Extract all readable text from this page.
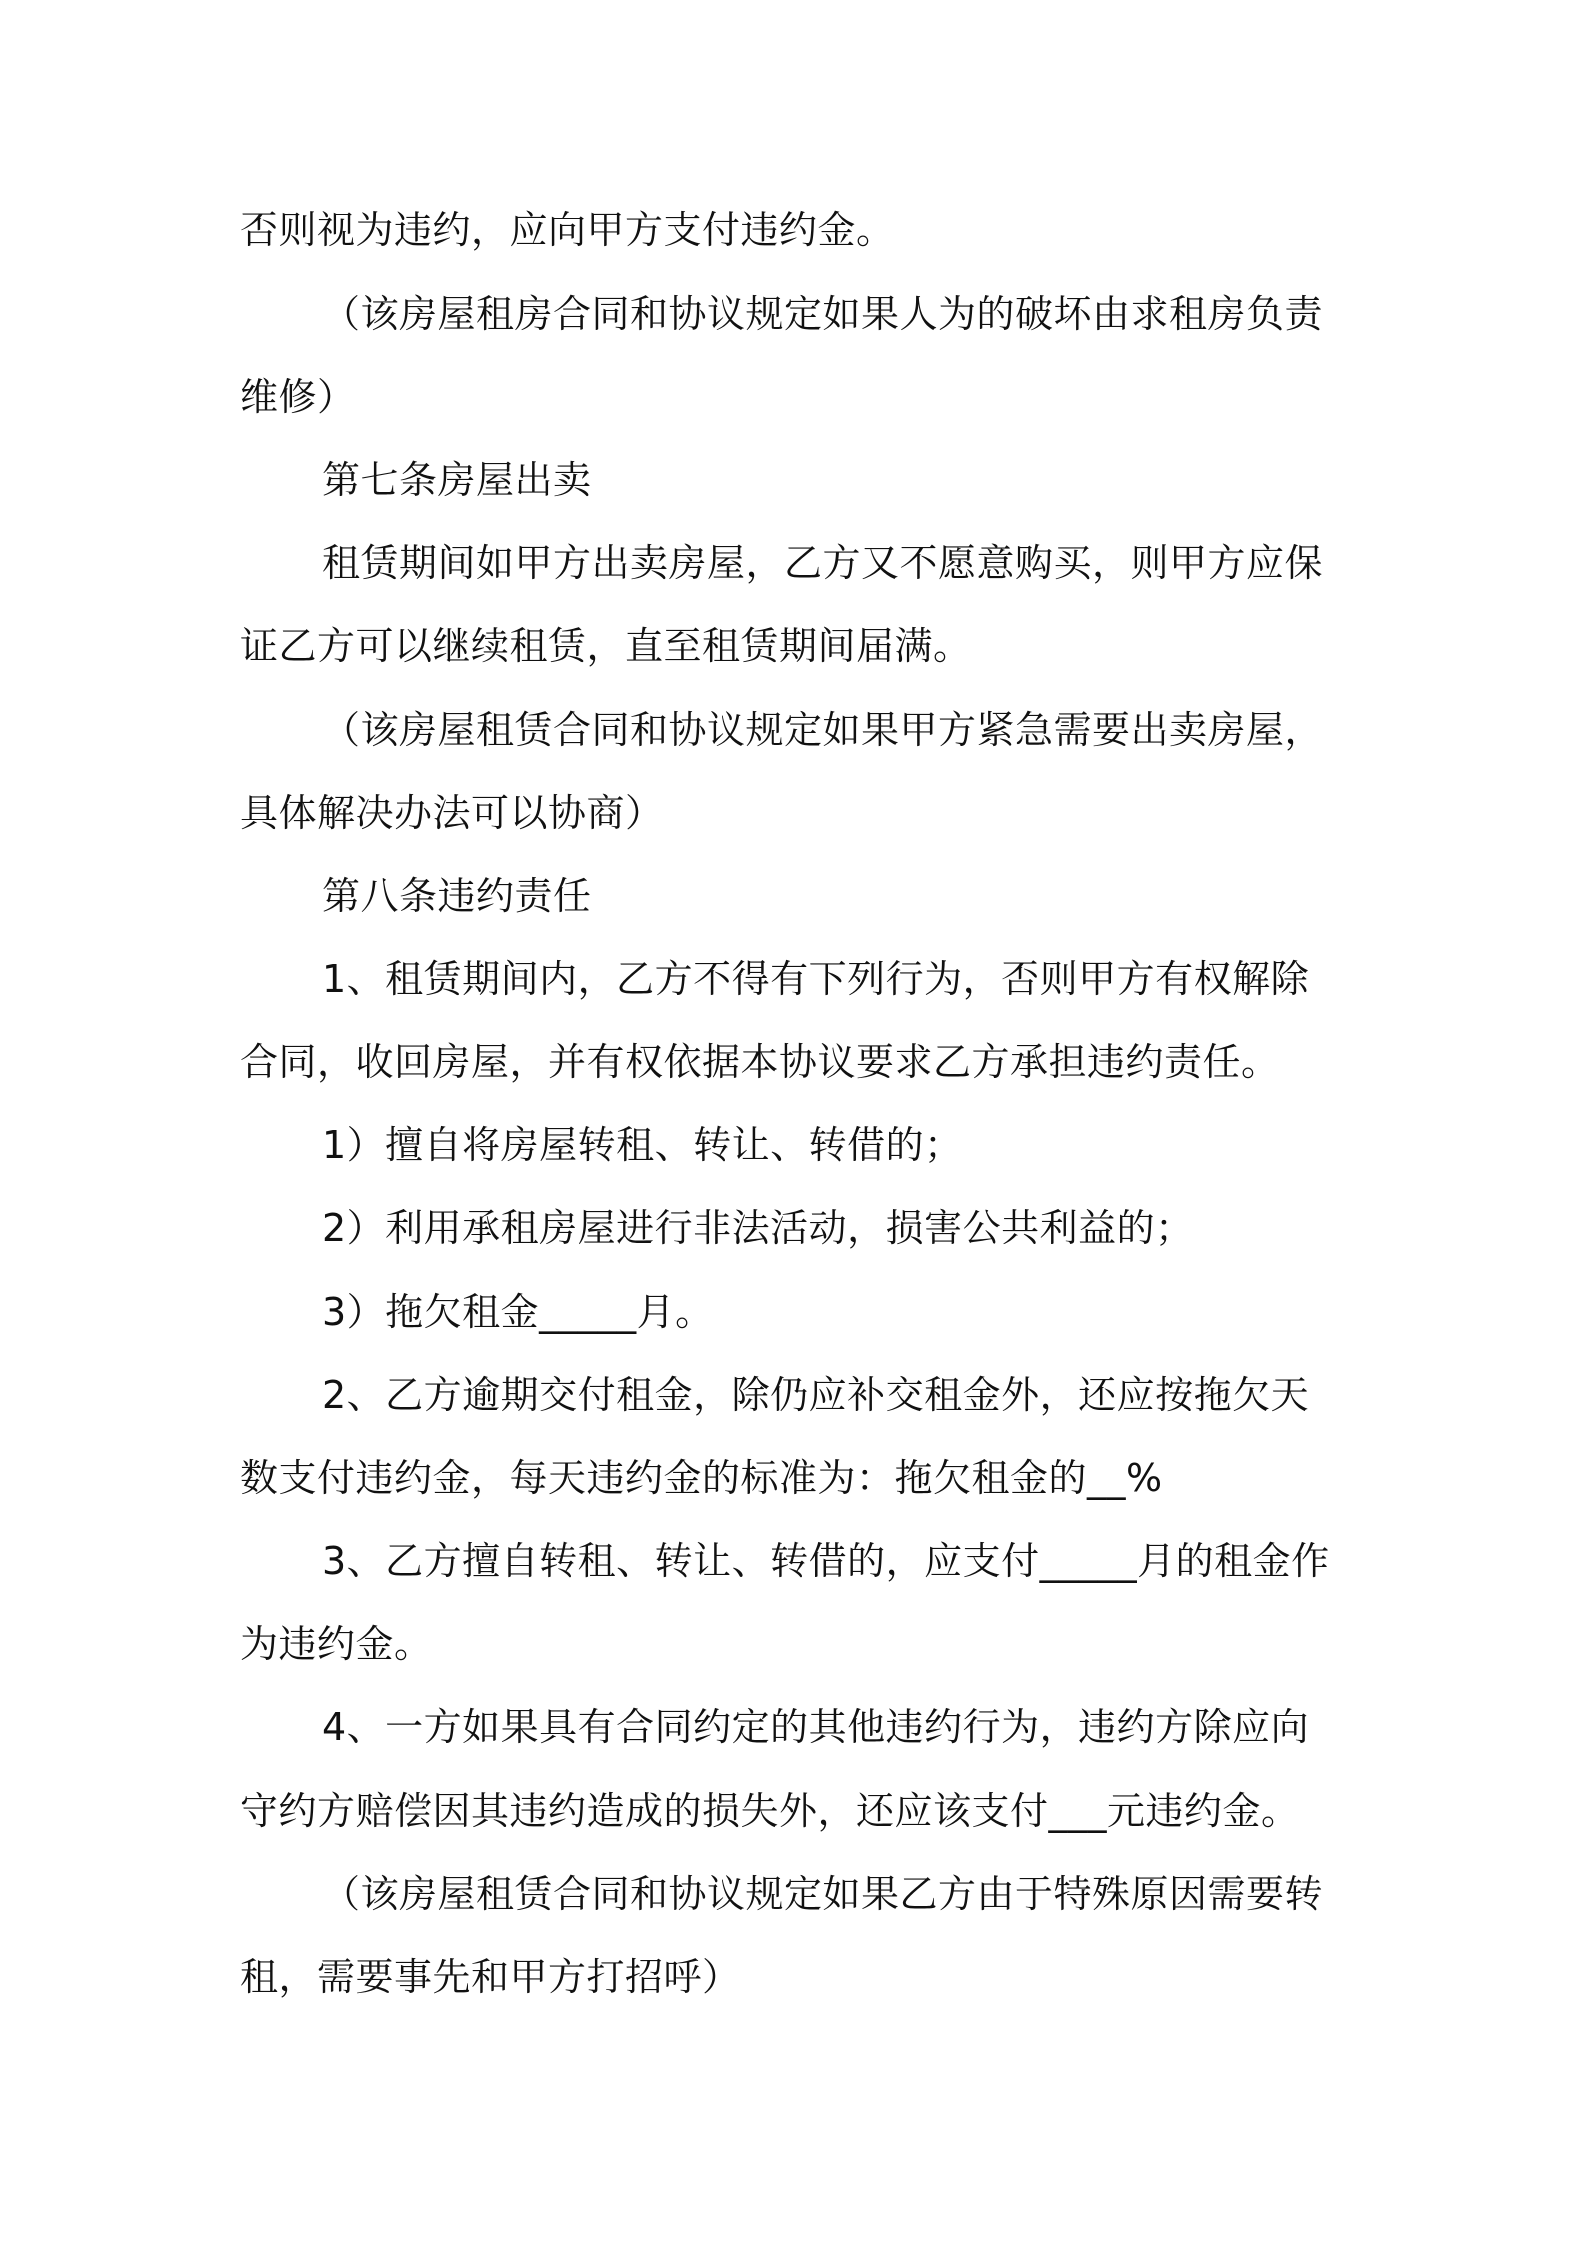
否则视为违约，应向甲方支付违约金。
（该房屋租房合同和协议规定如果人为的破坏由求租房负责
维修）
第七条房屋出卖
租赁期间如甲方出卖房屋，乙方又不愿意购买，则甲方应保
证乙方可以继续租赁，直至租赁期间届满。
（该房屋租赁合同和协议规定如果甲方紧急需要出卖房屋，
具体解决办法可以协商）
第八条违约责任
1、租赁期间内，乙方不得有下列行为，否则甲方有权解除
合同，收回房屋，并有权依据本协议要求乙方承担违约责任。
1）擅自将房屋转租、转让、转借的；
2）利用承租房屋进行非法活动，损害公共利益的；
3）拖欠租金_____月。
2、乙方逾期交付租金，除仍应补交租金外，还应按拖欠天
数支付违约金，每天违约金的标准为：拖欠租金的__%
3、乙方擅自转租、转让、转借的，应支付_____月的租金作
为违约金。
4、一方如果具有合同约定的其他违约行为，违约方除应向
守约方赔偿因其违约造成的损失外，还应该支付___元违约金。
（该房屋租赁合同和协议规定如果乙方由于特殊原因需要转
租，需要事先和甲方打招呼）
